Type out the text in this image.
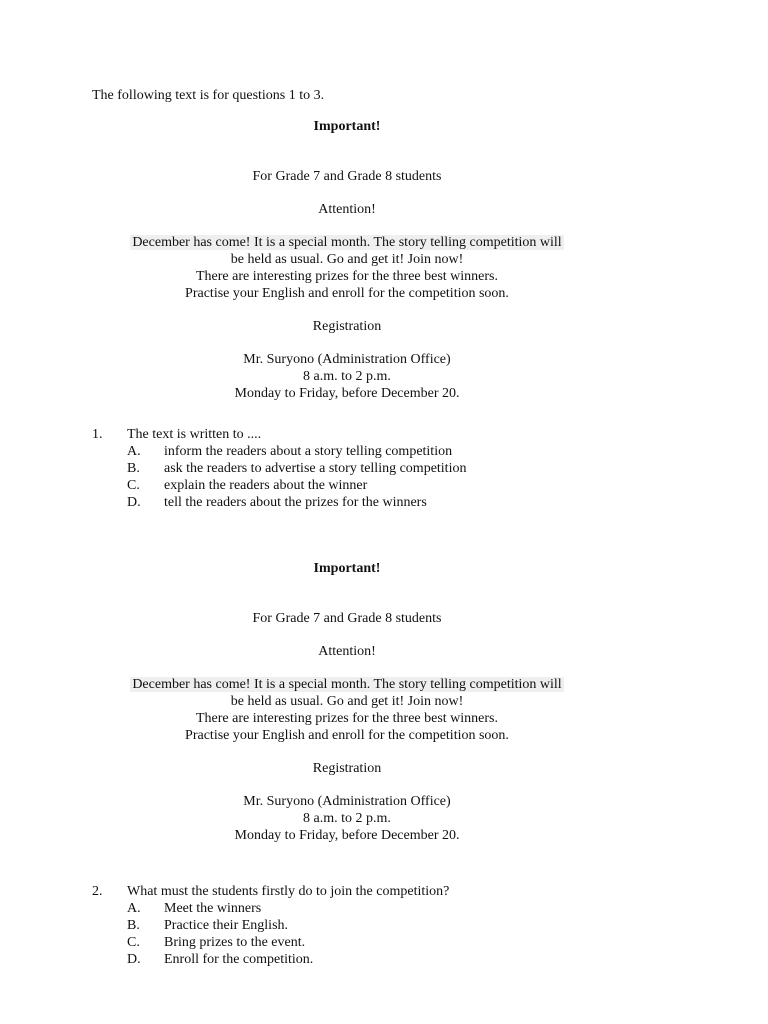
The following text is for questions 1 to 3.
Important!
For Grade 7 and Grade 8 students
Attention!
December has come! It is a special month. The story telling competition will
be held as usual. Go and get it! Join now!
There are interesting prizes for the three best winners.
Practise your English and enroll for the competition soon.
Registration
Mr. Suryono (Administration Office)
8 a.m. to 2 p.m.
Monday to Friday, before December 20.
1.	The text is written to ....
A.	inform the readers about a story telling competition
B.	ask the readers to advertise a story telling competition
C.	explain the readers about the winner
D.	tell the readers about the prizes for the winners
Important!
For Grade 7 and Grade 8 students
Attention!
December has come! It is a special month. The story telling competition will
be held as usual. Go and get it! Join now!
There are interesting prizes for the three best winners.
Practise your English and enroll for the competition soon.
Registration
Mr. Suryono (Administration Office)
8 a.m. to 2 p.m.
Monday to Friday, before December 20.
2.	What must the students firstly do to join the competition?
A.	Meet the winners
B.	Practice their English.
C.	Bring prizes to the event.
D.	Enroll for the competition.
